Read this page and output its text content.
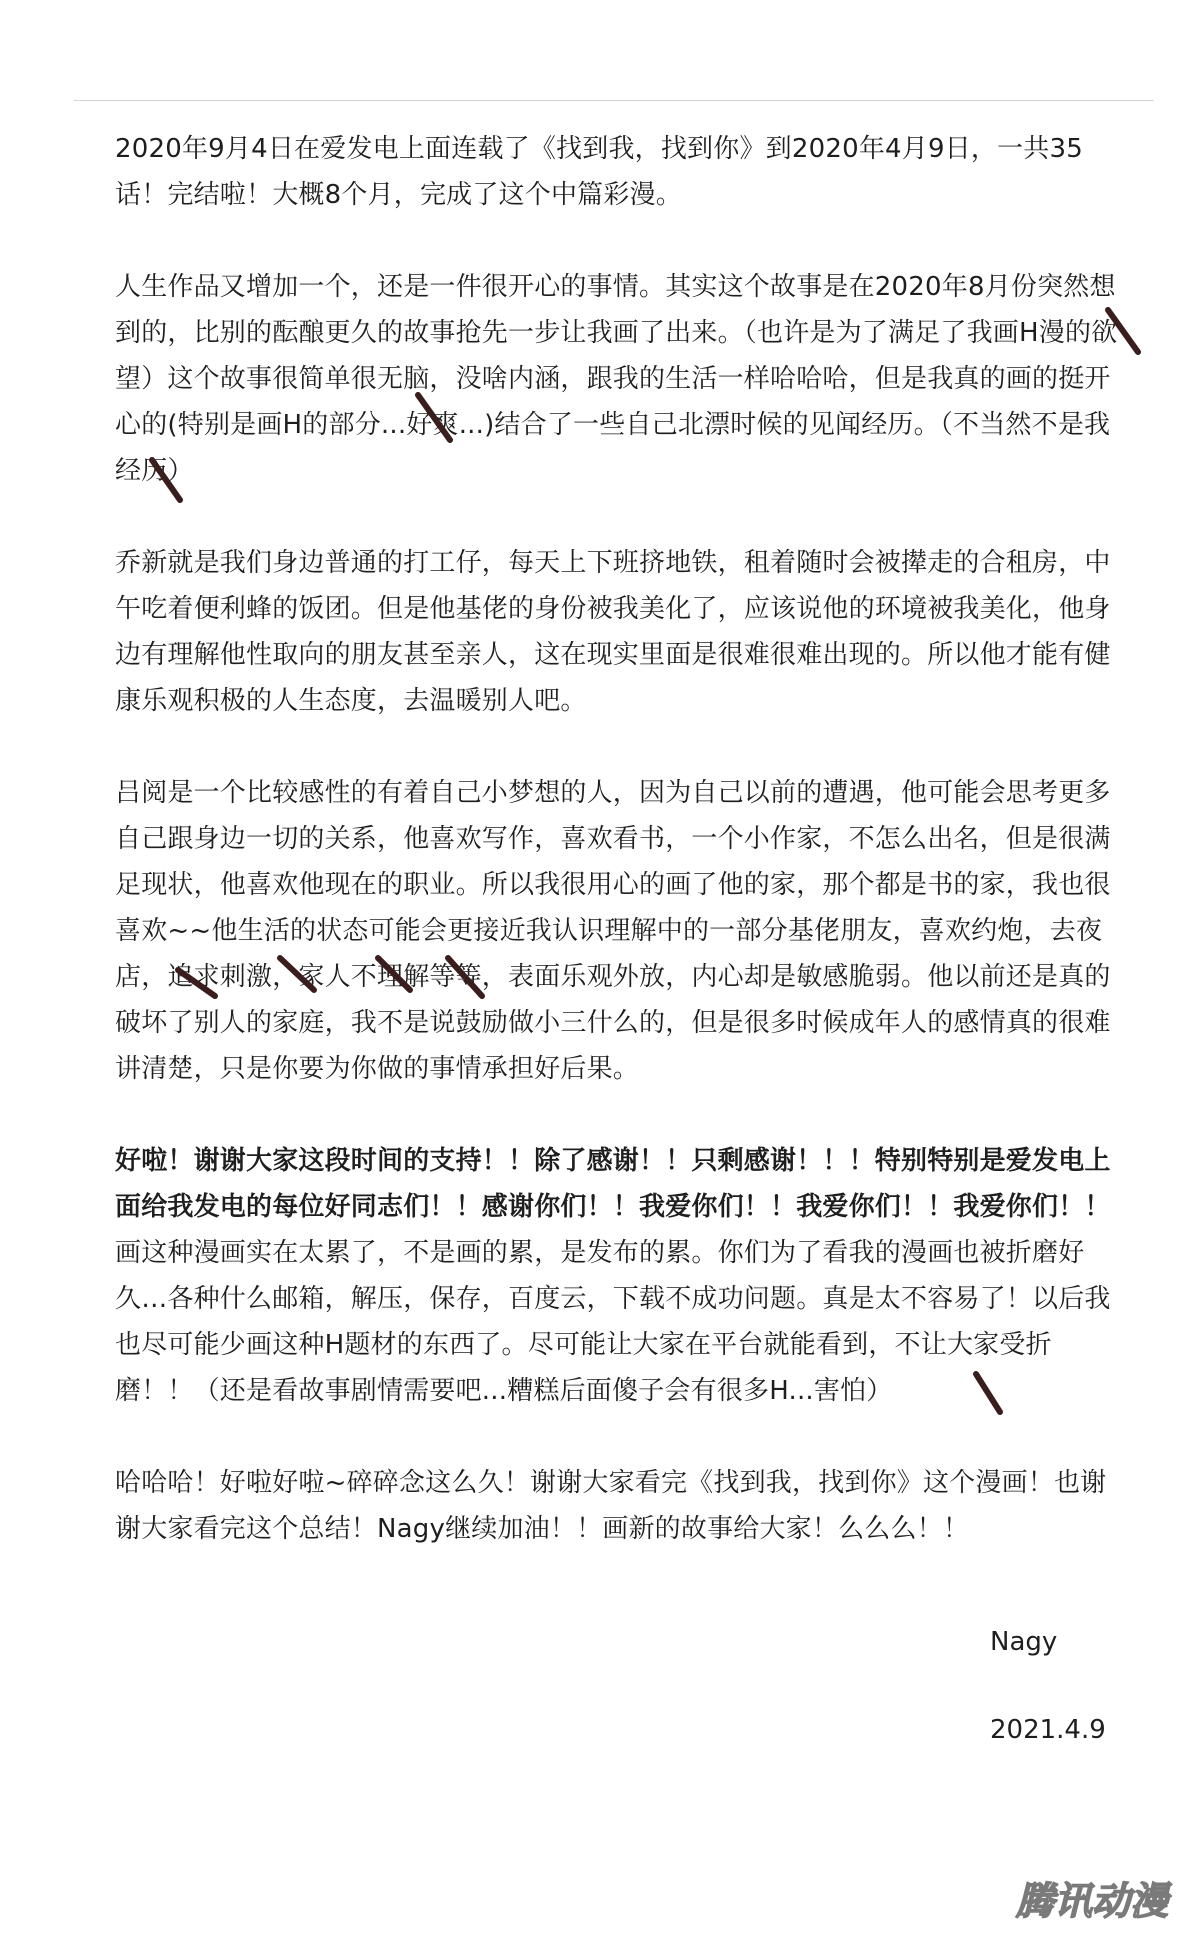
2020年9月4日在爱发电上面连载了《找到我，找到你》到2020年4月9日，一共35话！完结啦！大概8个月，完成了这个中篇彩漫。

人生作品又增加一个，还是一件很开心的事情。其实这个故事是在2020年8月份突然想到的，比别的酝酿更久的故事抢先一步让我画了出来。（也许是为了满足了我画H漫的欲望）这个故事很简单很无脑，没啥内涵，跟我的生活一样哈哈哈，但是我真的画的挺开心的(特别是画H的部分...好爽...)结合了一些自己北漂时候的见闻经历。（不当然不是我经历）

乔新就是我们身边普通的打工仔，每天上下班挤地铁，租着随时会被撵走的合租房，中午吃着便利蜂的饭团。但是他基佬的身份被我美化了，应该说他的环境被我美化，他身边有理解他性取向的朋友甚至亲人，这在现实里面是很难很难出现的。所以他才能有健康乐观积极的人生态度，去温暖别人吧。

吕阅是一个比较感性的有着自己小梦想的人，因为自己以前的遭遇，他可能会思考更多自己跟身边一切的关系，他喜欢写作，喜欢看书，一个小作家，不怎么出名，但是很满足现状，他喜欢他现在的职业。所以我很用心的画了他的家，那个都是书的家，我也很喜欢~~他生活的状态可能会更接近我认识理解中的一部分基佬朋友，喜欢约炮，去夜店，追求刺激，家人不理解等等，表面乐观外放，内心却是敏感脆弱。他以前还是真的破坏了别人的家庭，我不是说鼓励做小三什么的，但是很多时候成年人的感情真的很难讲清楚，只是你要为你做的事情承担好后果。

好啦！谢谢大家这段时间的支持！！除了感谢！！只剩感谢！！！特别特别是爱发电上面给我发电的每位好同志们！！感谢你们！！我爱你们！！我爱你们！！我爱你们！！画这种漫画实在太累了，不是画的累，是发布的累。你们为了看我的漫画也被折磨好久…各种什么邮箱，解压，保存，百度云，下载不成功问题。真是太不容易了！以后我也尽可能少画这种H题材的东西了。尽可能让大家在平台就能看到，不让大家受折磨！！（还是看故事剧情需要吧...糟糕后面傻子会有很多H...害怕）

哈哈哈！好啦好啦~碎碎念这么久！谢谢大家看完《找到我，找到你》这个漫画！也谢谢大家看完这个总结！Nagy继续加油！！画新的故事给大家！么么么！！

Nagy
2021.4.9
腾讯动漫
